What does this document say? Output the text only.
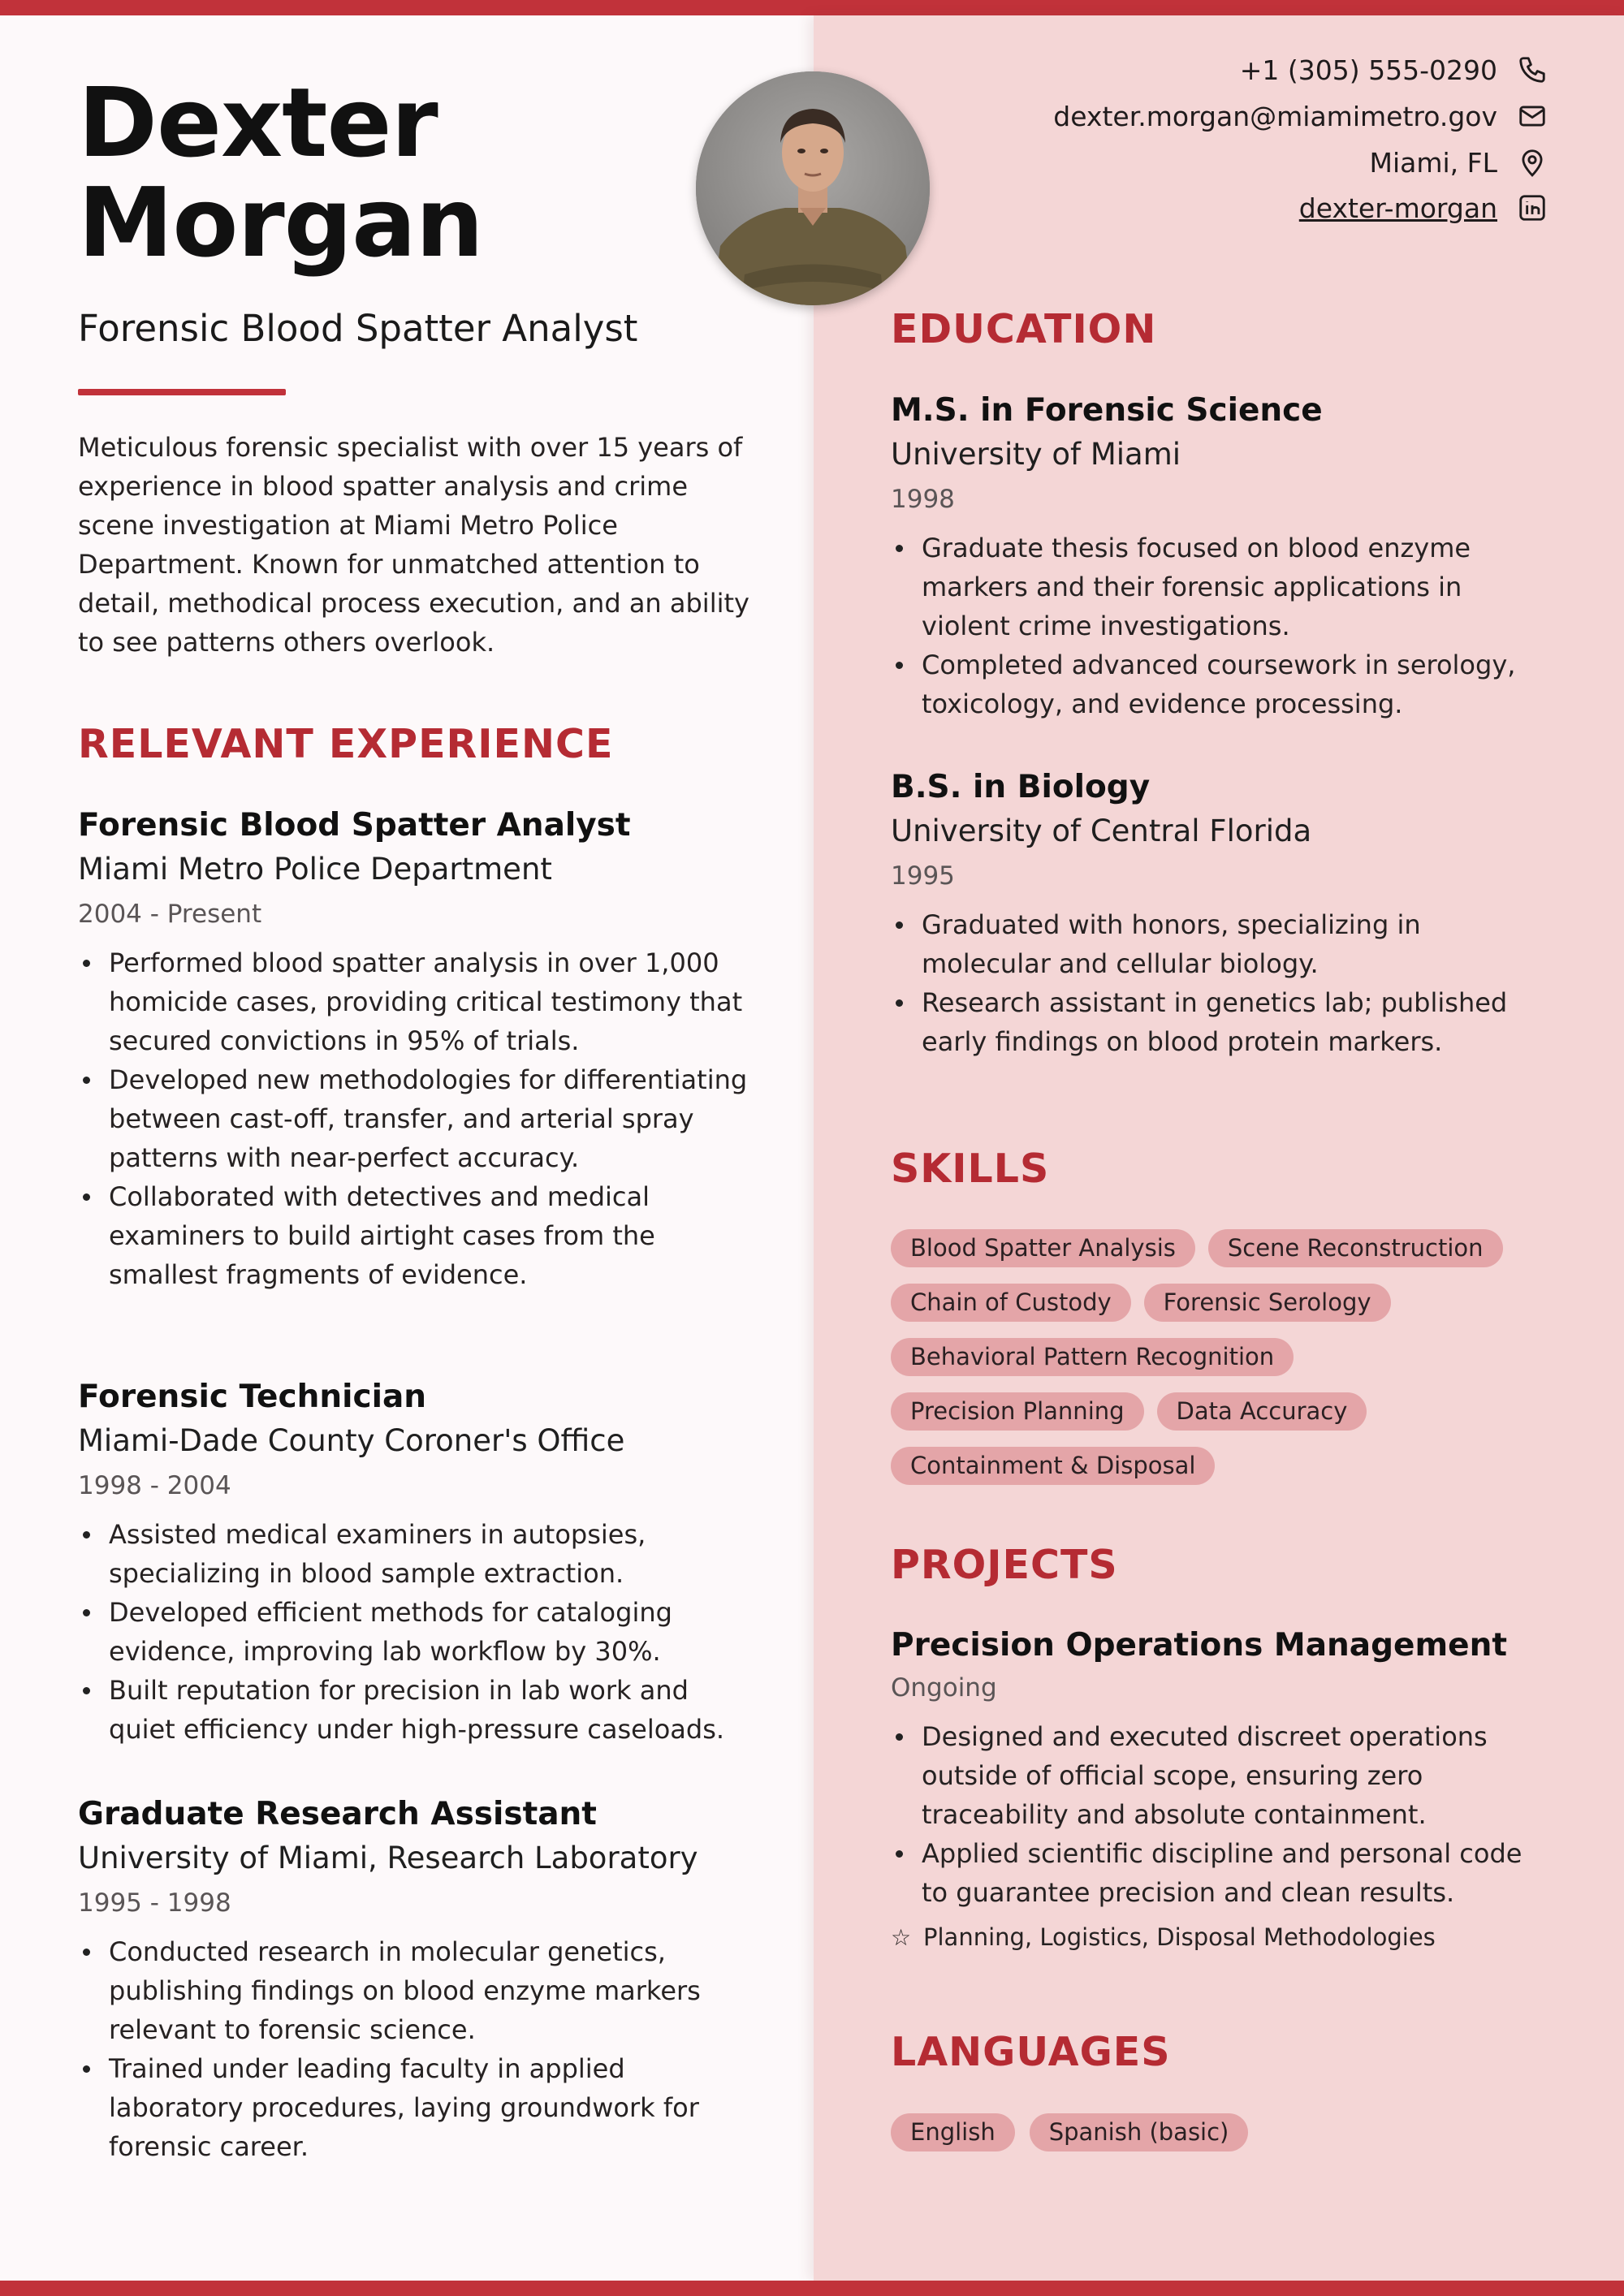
Dexter
Morgan
+1 (305) 555-0290
dexter.morgan@miamimetro.gov
Miami, FL
dexter-morgan
Forensic Blood Spatter Analyst
Meticulous forensic specialist with over 15 years of experience in blood spatter analysis and crime scene investigation at Miami Metro Police Department. Known for unmatched attention to detail, methodical process execution, and an ability to see patterns others overlook.
RELEVANT EXPERIENCE
Forensic Blood Spatter Analyst
Miami Metro Police Department
2004 - Present
Performed blood spatter analysis in over 1,000 homicide cases, providing critical testimony that secured convictions in 95% of trials.
Developed new methodologies for differentiating between cast-off, transfer, and arterial spray patterns with near-perfect accuracy.
Collaborated with detectives and medical examiners to build airtight cases from the smallest fragments of evidence.
Forensic Technician
Miami-Dade County Coroner's Office
1998 - 2004
Assisted medical examiners in autopsies, specializing in blood sample extraction.
Developed efficient methods for cataloging evidence, improving lab workflow by 30%.
Built reputation for precision in lab work and quiet efficiency under high-pressure caseloads.
Graduate Research Assistant
University of Miami, Research Laboratory
1995 - 1998
Conducted research in molecular genetics, publishing findings on blood enzyme markers relevant to forensic science.
Trained under leading faculty in applied laboratory procedures, laying groundwork for forensic career.
EDUCATION
M.S. in Forensic Science
University of Miami
1998
Graduate thesis focused on blood enzyme markers and their forensic applications in violent crime investigations.
Completed advanced coursework in serology, toxicology, and evidence processing.
B.S. in Biology
University of Central Florida
1995
Graduated with honors, specializing in molecular and cellular biology.
Research assistant in genetics lab; published early findings on blood protein markers.
SKILLS
Blood Spatter Analysis	Scene Reconstruction
Chain of Custody	Forensic Serology
Behavioral Pattern Recognition
Precision Planning	Data Accuracy
Containment & Disposal
PROJECTS
Precision Operations Management
Ongoing
Designed and executed discreet operations outside of official scope, ensuring zero traceability and absolute containment.
Applied scientific discipline and personal code to guarantee precision and clean results.
☆ Planning, Logistics, Disposal Methodologies
LANGUAGES
English	Spanish (basic)
